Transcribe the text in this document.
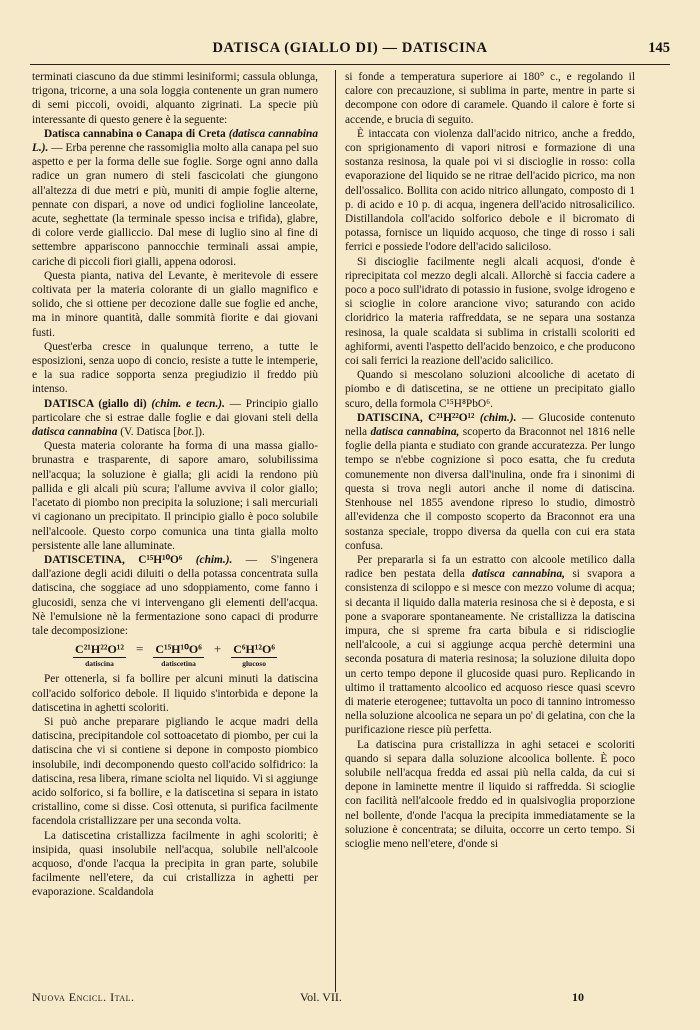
DATISCA (GIALLO DI) — DATISCINA	145

terminati ciascuno da due stimmi lesiniformi; cassula oblunga, trigona, tricorne, a una sola loggia contenente un gran numero di semi piccoli, ovoidi, alquanto zigrinati. La specie più interessante di questo genere è la seguente:

Datisca cannabina o Canapa di Creta (datisca cannabina L.). — Erba perenne che rassomiglia molto alla canapa pel suo aspetto e per la forma delle sue foglie. Sorge ogni anno dalla radice un gran numero di steli fascicolati che giungono all'altezza di due metri e più, muniti di ampie foglie alterne, pennate con dispari, a nove od undici foglioline lanceolate, acute, seghettate (la terminale spesso incisa e trifida), glabre, di colore verde gialliccio. Dal mese di luglio sino al fine di settembre appariscono pannocchie terminali assai ampie, cariche di piccoli fiori gialli, appena odorosi.

Questa pianta, nativa del Levante, è meritevole di essere coltivata per la materia colorante di un giallo magnifico e solido, che si ottiene per decozione dalle sue foglie ed anche, ma in minore quantità, dalle sommità fiorite e dai giovani fusti.

Quest'erba cresce in qualunque terreno, a tutte le esposizioni, senza uopo di concio, resiste a tutte le intemperie, e la sua radice sopporta senza pregiudizio il freddo più intenso.

DATISCA (giallo di) (chim. e tecn.). — Principio giallo particolare che si estrae dalle foglie e dai giovani steli della datisca cannabina (V. Datisca [bot.]).

Questa materia colorante ha forma di una massa giallo-brunastra e trasparente, di sapore amaro, solubilissima nell'acqua; la soluzione è gialla; gli acidi la rendono più pallida e gli alcali più scura; l'allume avviva il color giallo; l'acetato di piombo non precipita la soluzione; i sali mercuriali vi cagionano un precipitato. Il principio giallo è poco solubile nell'alcoole. Questo corpo comunica una tinta gialla molto persistente alle lane alluminate.

DATISCETINA, C¹⁵H¹⁰O⁶ (chim.). — S'ingenera dall'azione degli acidi diluiti o della potassa concentrata sulla datiscina, che soggiace ad uno sdoppiamento, come fanno i glucosidi, senza che vi intervengano gli elementi dell'acqua. Nè l'emulsione nè la fermentazione sono capaci di produrre tale decomposizione:

C²¹H²²O¹²
datiscina
= C¹⁵H¹⁰O⁶
datiscetina
+ C⁶H¹²O⁶
glucoso

Per ottenerla, si fa bollire per alcuni minuti la datiscina coll'acido solforico debole. Il liquido s'intorbida e depone la datiscetina in aghetti scoloriti.

Si può anche prepararе pigliando le acque madri della datiscina, precipitandole col sottoacetato di piombo, per cui la datiscina che vi si contiene si depone in composto piombico insolubile, indi decomponendo questo coll'acido solfidrico: la datiscina, resa libera, rimane sciolta nel liquido. Vi si aggiunge acido solforico, si fa bollire, e la datiscetina si separa in istato cristallino, come si disse. Così ottenuta, si purifica facilmente facendola cristallizzare per una seconda volta.

La datiscetina cristallizza facilmente in aghi scoloriti; è insipida, quasi insolubile nell'acqua, solubile nell'alcoole acquoso, d'onde l'acqua la precipita in gran parte, solubile facilmente nell'etere, da cui cristallizza in aghetti per evaporazione. Scaldandola

si fonde a temperatura superiore ai 180° c., e regolando il calore con precauzione, si sublima in parte, mentre in parte si decompone con odore di caramele. Quando il calore è forte si accende, e brucia di seguito.

È intaccata con violenza dall'acido nitrico, anche a freddo, con sprigionamento di vapori nitrosi e formazione di una sostanza resinosa, la quale poi vi si discioglie in rosso: colla evaporazione del liquido se ne ritrae dell'acido picrico, ma non dell'ossalico. Bollita con acido nitrico allungato, composto di 1 p. di acido e 10 p. di acqua, ingenera dell'acido nitrosalicilico. Distillandola coll'acido solforico debole e il bicromato di potassa, fornisce un liquido acquoso, che tinge di rosso i sali ferrici e possiede l'odore dell'acido salicilоso.

Si discioglie facilmente negli alcali acquosi, d'onde è riprecipitata col mezzo degli alcali. Allorchè si faccia cadere a poco a poco sull'idrato di potassio in fusione, svolge idrogeno e si scioglie in colore arancione vivo; saturando con acido cloridrico la materia raffreddata, se ne separa una sostanza resinosa, la quale scaldata si sublima in cristalli scoloriti ed aghiformi, aventi l'aspetto dell'acido benzoico, e che producono coi sali ferrici la reazione dell'acido salicilico.

Quando si mescolano soluzioni alcooliche di acetato di piombo e di datiscetina, se ne ottiene un precipitato giallo scuro, della formola C¹⁵H⁸PbO⁶.

DATISCINA, C²¹H²²O¹² (chim.). — Glucoside contenuto nella datisca cannabina, scoperto da Braconnot nel 1816 nelle foglie della pianta e studiato con grande accuratezza. Per lungo tempo se n'ebbe cognizione sì poco esatta, che fu creduta comunemente non diversa dall'inulina, onde fra i sinonimi di questa si trova negli autori anche il nome di datiscina. Stenhouse nel 1855 avendone ripreso lo studio, dimostrò all'evidenza che il composto scoperto da Braconnot era una sostanza speciale, troppo diversa da quella con cui era stata confusa.

Per prepararla si fa un estratto con alcoole metilico dalla radice ben pestata della datisca cannabina, si svapora a consistenza di sciloppo e si mesce con mezzo volume di acqua; si decanta il liquido dalla materia resinosa che si è deposta, e si pone a svaporare spontaneamente. Ne cristallizza la datiscina impura, che si spreme fra carta bibula e si ridiscioglie nell'alcoole, a cui si aggiunge acqua perchè determini una seconda posatura di materia resinosa; la soluzione diluita dopo un certo tempo depone il glucoside quasi puro. Replicando in ultimo il trattamento alcoolico ed acquoso riesce quasi scevro di materie eterogenee; tuttavolta un poco di tannino intromesso nella soluzione alcoolica ne separa un po' di gelatina, con che la purificazione riesce più perfetta.

La datiscina pura cristallizza in aghi setacei e scoloriti quando si separa dalla soluzione alcoolica bollente. È poco solubile nell'acqua fredda ed assai più nella calda, da cui si depone in laminette mentre il liquido si raffredda. Si scioglie con facilità nell'alcoole freddo ed in qualsivoglia proporzione nel bollente, d'onde l'acqua la precipita immediatamente se la soluzione è concentrata; se diluita, occorre un certo tempo. Si scioglie meno nell'etere, d'onde si

Nuova Encicl. Ital.	Vol. VII.	10
